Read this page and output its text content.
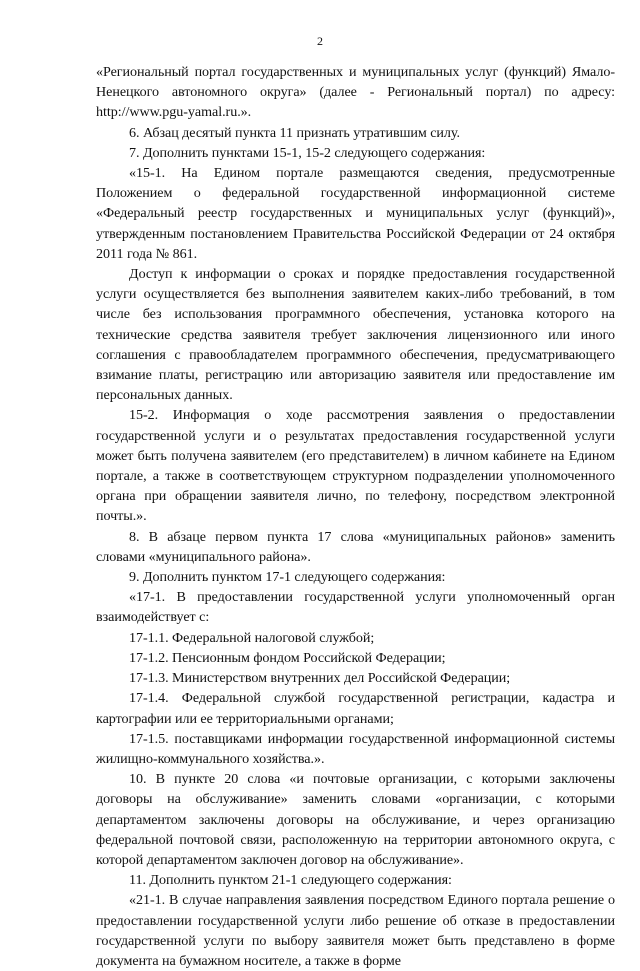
2

«Региональный портал государственных и муниципальных услуг (функций) Ямало-Ненецкого автономного округа» (далее - Региональный портал) по адресу: http://www.pgu-yamal.ru.».

6. Абзац десятый пункта 11 признать утратившим силу.

7. Дополнить пунктами 15-1, 15-2 следующего содержания:

«15-1. На Едином портале размещаются сведения, предусмотренные Положением о федеральной государственной информационной системе «Федеральный реестр государственных и муниципальных услуг (функций)», утвержденным постановлением Правительства Российской Федерации от 24 октября 2011 года № 861.

Доступ к информации о сроках и порядке предоставления государственной услуги осуществляется без выполнения заявителем каких-либо требований, в том числе без использования программного обеспечения, установка которого на технические средства заявителя требует заключения лицензионного или иного соглашения с правообладателем программного обеспечения, предусматривающего взимание платы, регистрацию или авторизацию заявителя или предоставление им персональных данных.

15-2. Информация о ходе рассмотрения заявления о предоставлении государственной услуги и о результатах предоставления государственной услуги может быть получена заявителем (его представителем) в личном кабинете на Едином портале, а также в соответствующем структурном подразделении уполномоченного органа при обращении заявителя лично, по телефону, посредством электронной почты.».

8. В абзаце первом пункта 17 слова «муниципальных районов» заменить словами «муниципального района».

9. Дополнить пунктом 17-1 следующего содержания:

«17-1. В предоставлении государственной услуги уполномоченный орган взаимодействует с:

17-1.1. Федеральной налоговой службой;

17-1.2. Пенсионным фондом Российской Федерации;

17-1.3. Министерством внутренних дел Российской Федерации;

17-1.4. Федеральной службой государственной регистрации, кадастра и картографии или ее территориальными органами;

17-1.5. поставщиками информации государственной информационной системы жилищно-коммунального хозяйства.».

10. В пункте 20 слова «и почтовые организации, с которыми заключены договоры на обслуживание» заменить словами «организации, с которыми департаментом заключены договоры на обслуживание, и через организацию федеральной почтовой связи, расположенную на территории автономного округа, с которой департаментом заключен договор на обслуживание».

11. Дополнить пунктом 21-1 следующего содержания:

«21-1. В случае направления заявления посредством Единого портала решение о предоставлении государственной услуги либо решение об отказе в предоставлении государственной услуги по выбору заявителя может быть представлено в форме документа на бумажном носителе, а также в форме
